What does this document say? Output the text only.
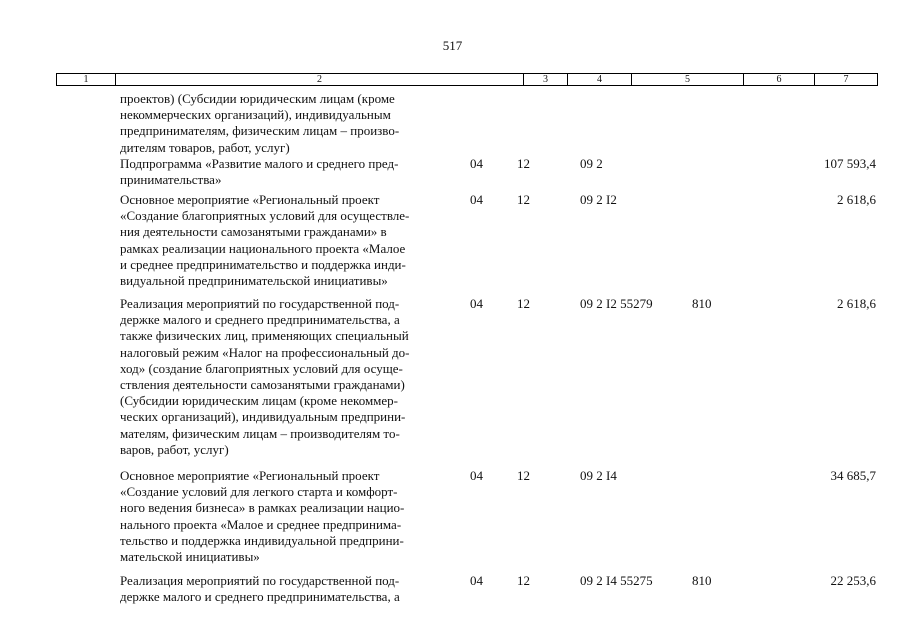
517
1	2	3	4	5	6	7
проектов) (Субсидии юридическим лицам (кроме
некоммерческих организаций), индивидуальным
предпринимателям, физическим лицам – произво-
дителям товаров, работ, услуг)
Подпрограмма «Развитие малого и среднего пред-
принимательства»
04	12	09 2	107 593,4
Основное мероприятие «Региональный проект
«Создание благоприятных условий для осуществле-
ния деятельности самозанятыми гражданами» в
рамках реализации национального проекта «Малое
и среднее предпринимательство и поддержка инди-
видуальной предпринимательской инициативы»
04	12	09 2 I2	2 618,6
Реализация мероприятий по государственной под-
держке малого и среднего предпринимательства, а
также физических лиц, применяющих специальный
налоговый режим «Налог на профессиональный до-
ход» (создание благоприятных условий для осуще-
ствления деятельности самозанятыми гражданами)
(Субсидии юридическим лицам (кроме некоммер-
ческих организаций), индивидуальным предприни-
мателям, физическим лицам – производителям то-
варов, работ, услуг)
04	12	09 2 I2 55279	810	2 618,6
Основное мероприятие «Региональный проект
«Создание условий для легкого старта и комфорт-
ного ведения бизнеса» в рамках реализации нацио-
нального проекта «Малое и среднее предпринима-
тельство и поддержка индивидуальной предприни-
мательской инициативы»
04	12	09 2 I4	34 685,7
Реализация мероприятий по государственной под-
держке малого и среднего предпринимательства, а
04	12	09 2 I4 55275	810	22 253,6
